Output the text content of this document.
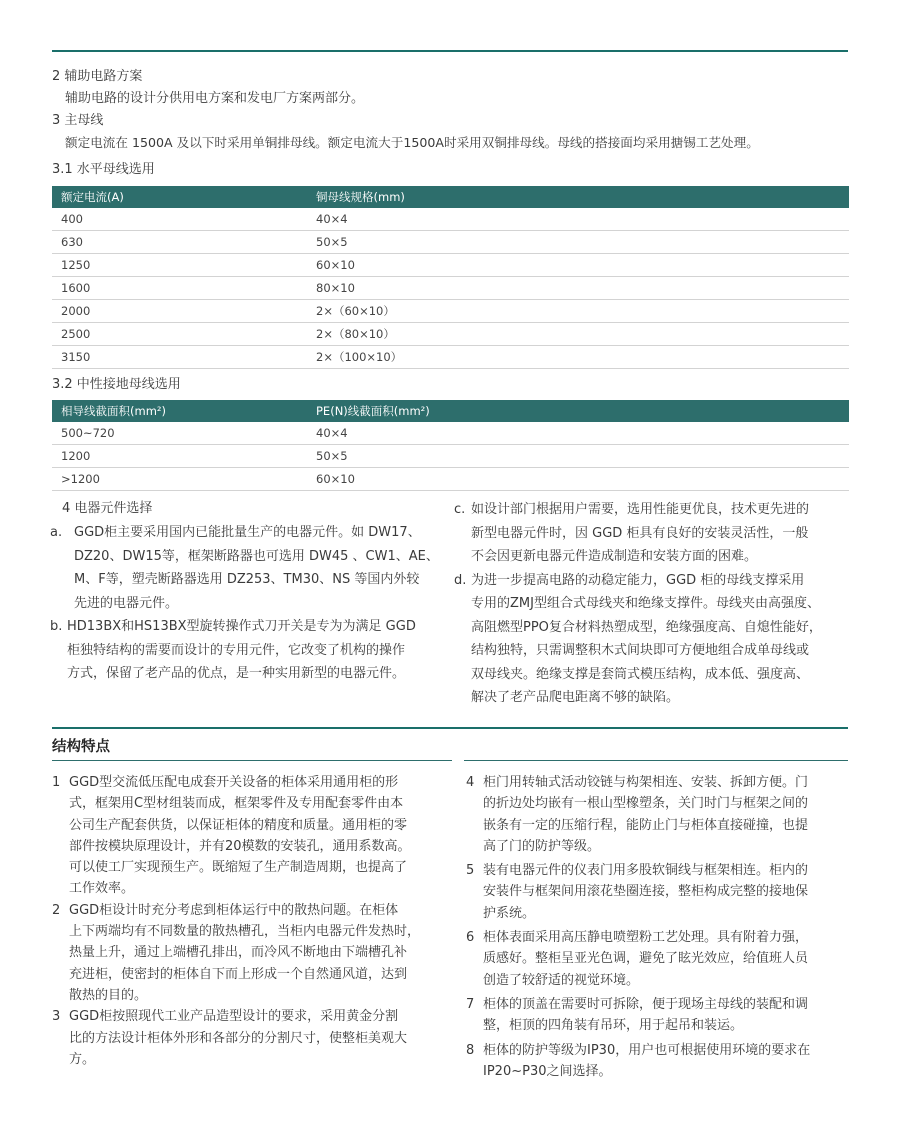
2 辅助电路方案
辅助电路的设计分供用电方案和发电厂方案两部分。
3 主母线
额定电流在 1500A 及以下时采用单铜排母线。额定电流大于1500A时采用双铜排母线。母线的搭接面均采用搪锡工艺处理。
3.1 水平母线选用
额定电流(A)	铜母线规格(mm)
400	40×4
630	50×5
1250	60×10
1600	80×10
2000	2×（60×10）
2500	2×（80×10）
3150	2×（100×10）
3.2 中性接地母线选用
相导线截面积(mm²)	PE(N)线截面积(mm²)
500~720	40×4
1200	50×5
>1200	60×10
4 电器元件选择
a. GGD柜主要采用国内已能批量生产的电器元件。如 DW17、

DZ20、DW15等，框架断路器也可选用 DW45 、CW1、AE、

M、F等，塑壳断路器选用 DZ253、TM30、NS 等国内外较

先进的电器元件。

b. HD13BX和HS13BX型旋转操作式刀开关是专为为满足 GGD

柜独特结构的需要而设计的专用元件，它改变了机构的操作

方式，保留了老产品的优点，是一种实用新型的电器元件。

c. 如设计部门根据用户需要，选用性能更优良，技术更先进的

新型电器元件时，因 GGD 柜具有良好的安装灵活性，一般

不会因更新电器元件造成制造和安装方面的困难。

d. 为进一步提高电路的动稳定能力，GGD 柜的母线支撑采用

专用的ZMJ型组合式母线夹和绝缘支撑件。母线夹由高强度、

高阻燃型PPO复合材料热塑成型，绝缘强度高、自熄性能好，

结构独特，只需调整积木式间块即可方便地组合成单母线或

双母线夹。绝缘支撑是套筒式模压结构，成本低、强度高、

解决了老产品爬电距离不够的缺陷。

结构特点
1 GGD型交流低压配电成套开关设备的柜体采用通用柜的形

式，框架用C型材组装而成，框架零件及专用配套零件由本

公司生产配套供货，以保证柜体的精度和质量。通用柜的零

部件按模块原理设计，并有20模数的安装孔，通用系数高。

可以使工厂实现预生产。既缩短了生产制造周期，也提高了

工作效率。

2 GGD柜设计时充分考虑到柜体运行中的散热问题。在柜体

上下两端均有不同数量的散热槽孔，当柜内电器元件发热时，

热量上升，通过上端槽孔排出，而冷风不断地由下端槽孔补

充进柜，使密封的柜体自下而上形成一个自然通风道，达到

散热的目的。

3 GGD柜按照现代工业产品造型设计的要求，采用黄金分割

比的方法设计柜体外形和各部分的分割尺寸，使整柜美观大

方。

4 柜门用转轴式活动铰链与构架相连、安装、拆卸方便。门

的折边处均嵌有一根山型橡塑条，关门时门与框架之间的

嵌条有一定的压缩行程，能防止门与柜体直接碰撞，也提

高了门的防护等级。

5 装有电器元件的仪表门用多股软铜线与框架相连。柜内的

安装件与框架间用滚花垫圈连接，整柜构成完整的接地保

护系统。

6 柜体表面采用高压静电喷塑粉工艺处理。具有附着力强，

质感好。整柜呈亚光色调，避免了眩光效应，给值班人员

创造了较舒适的视觉环境。

7 柜体的顶盖在需要时可拆除，便于现场主母线的装配和调

整，柜顶的四角装有吊环，用于起吊和装运。

8 柜体的防护等级为IP30，用户也可根据使用环境的要求在

IP20~P30之间选择。
